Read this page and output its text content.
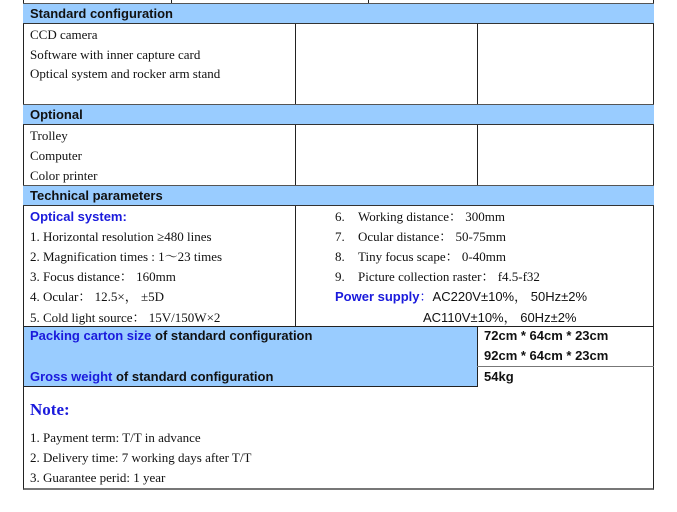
Standard configuration
CCD camera
Software with inner capture card
Optical system and rocker arm stand
Optional
Trolley
Computer
Color printer
Technical parameters
Optical system:
1. Horizontal resolution ≥480 lines
2. Magnification times : 1〜23 times
3. Focus distance： 160mm
4. Ocular： 12.5×， ±5D
5. Cold light source： 15V/150W×2
6. Working distance： 300mm
7. Ocular distance： 50-75mm
8. Tiny focus scape： 0-40mm
9. Picture collection raster： f4.5-f32
Power supply：AC220V±10%， 50Hz±2%
AC110V±10%， 60Hz±2%
Packing carton size of standard configuration	72cm * 64cm * 23cm
92cm * 64cm * 23cm
Gross weight of standard configuration	54kg
Note:
1. Payment term: T/T in advance
2. Delivery time: 7 working days after T/T
3. Guarantee perid: 1 year
